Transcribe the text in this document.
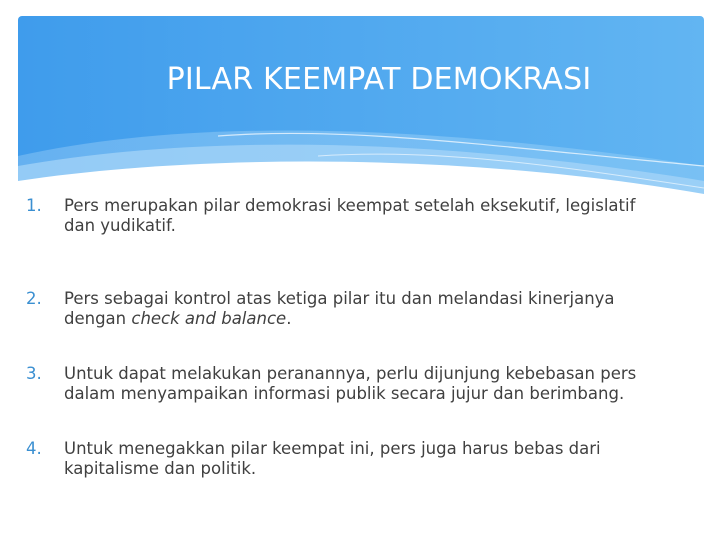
PILAR KEEMPAT DEMOKRASI
1. Pers merupakan pilar demokrasi keempat setelah eksekutif, legislatif
dan yudikatif.
2. Pers sebagai kontrol atas ketiga pilar itu dan melandasi kinerjanya
dengan check and balance.
3. Untuk dapat melakukan peranannya, perlu dijunjung kebebasan pers
dalam menyampaikan informasi publik secara jujur dan berimbang.
4. Untuk menegakkan pilar keempat ini, pers juga harus bebas dari
kapitalisme dan politik.
